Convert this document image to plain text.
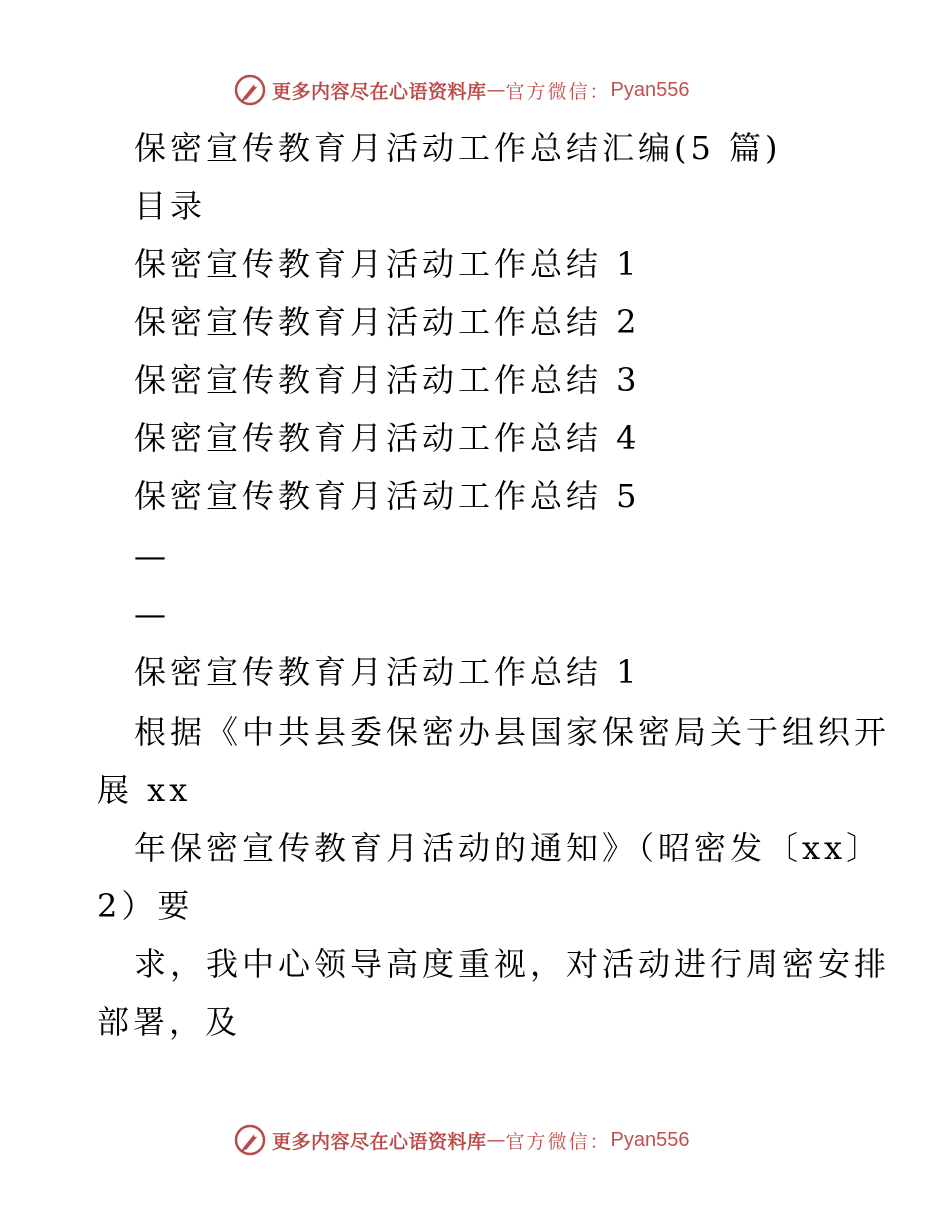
更多内容尽在心语资料库 — 官方微信： Pyan556
保密宣传教育月活动工作总结汇编(5 篇)
目录
保密宣传教育月活动工作总结 1
保密宣传教育月活动工作总结 2
保密宣传教育月活动工作总结 3
保密宣传教育月活动工作总结 4
保密宣传教育月活动工作总结 5
—
—
保密宣传教育月活动工作总结 1
根据《中共县委保密办县国家保密局关于组织开
展 xx
年保密宣传教育月活动的通知》（昭密发〔xx〕
2）要
求，我中心领导高度重视，对活动进行周密安排
部署，及
更多内容尽在心语资料库 — 官方微信： Pyan556
